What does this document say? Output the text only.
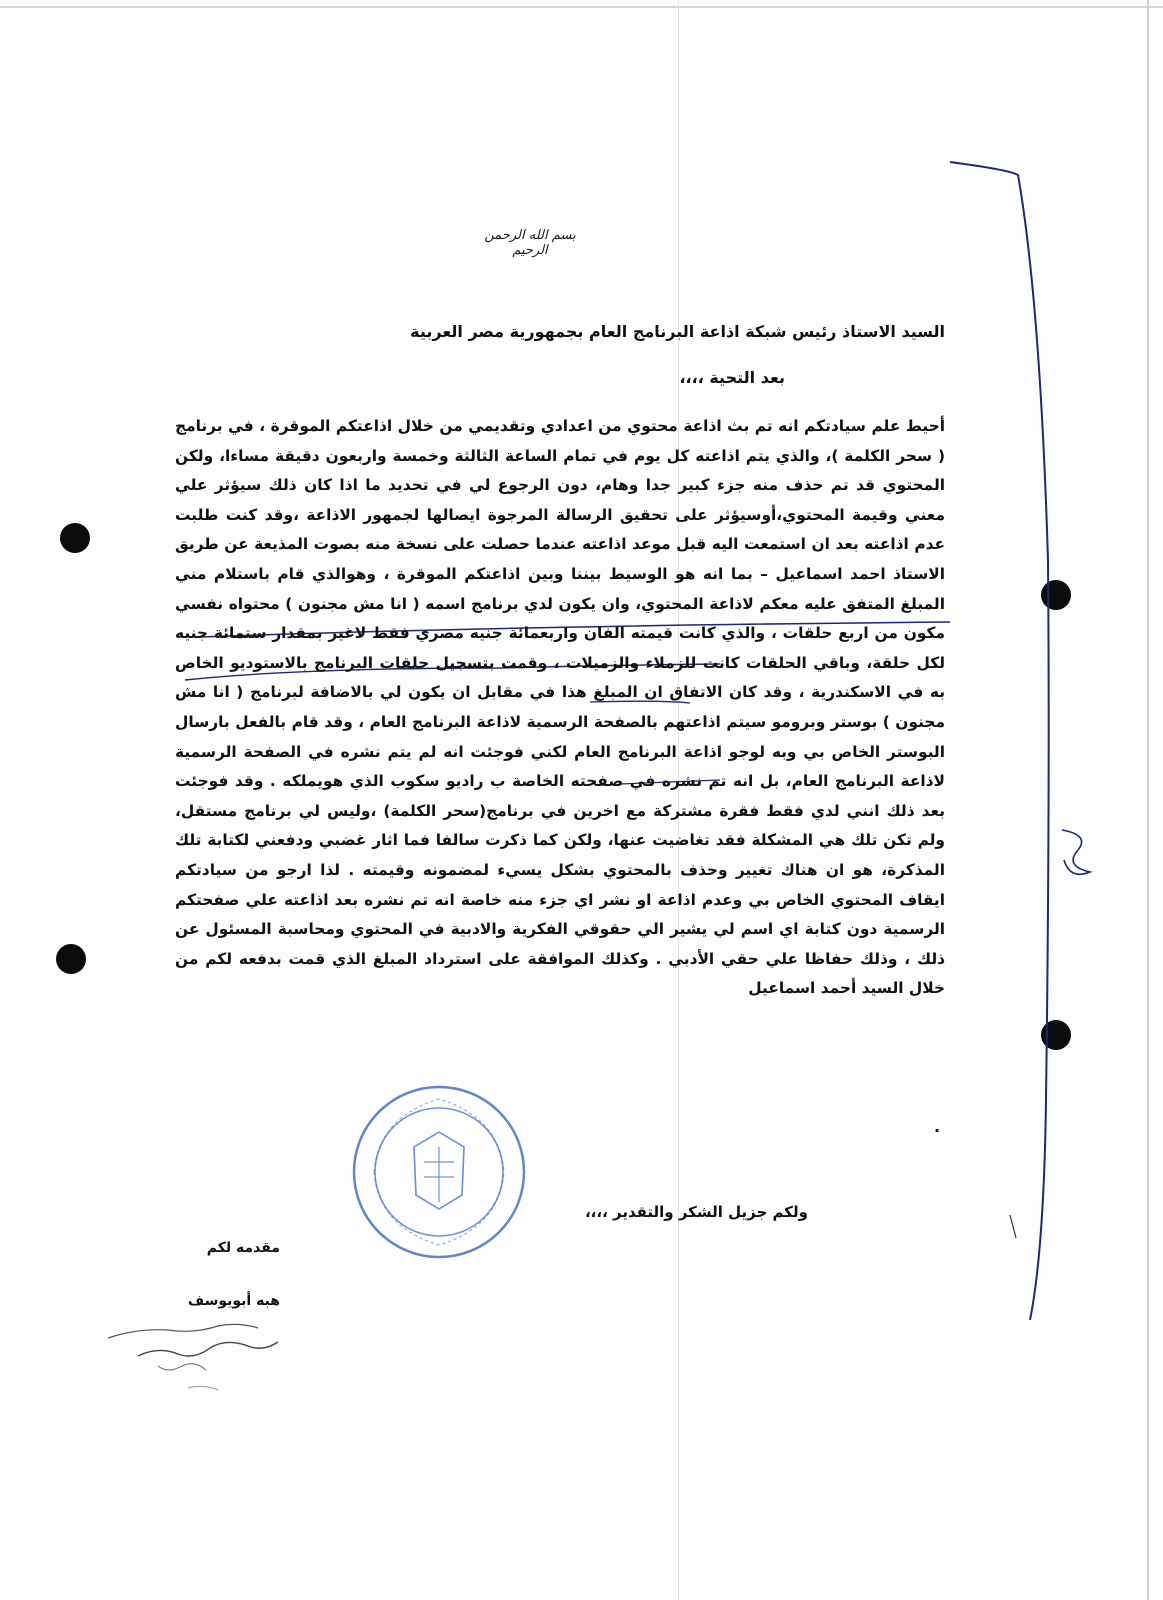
بسم الله الرحمن الرحيم
السيد الاستاذ رئيس شبكة اذاعة البرنامج العام بجمهورية مصر العربية
بعد التحية ،،،،

أحيط علم سيادتكم انه تم بث اذاعة محتوي من اعدادي وتقديمي من خلال اذاعتكم الموقرة ، في برنامج ( سحر الكلمة )، والذي يتم اذاعته كل يوم في تمام الساعة الثالثة وخمسة واربعون دقيقة مساءا، ولكن المحتوي قد تم حذف منه جزء كبير جدا وهام، دون الرجوع لي في تحديد ما اذا كان ذلك سيؤثر علي معني وقيمة المحتوي،أوسيؤثر على تحقيق الرسالة المرجوة ايصالها لجمهور الاذاعة ،وقد كنت طلبت عدم اذاعته بعد ان استمعت اليه قبل موعد اذاعته عندما حصلت على نسخة منه بصوت المذيعة عن طريق الاستاذ احمد اسماعيل – بما انه هو الوسيط بيننا وبين اذاعتكم الموقرة ، وهوالذي قام باستلام مني المبلغ المتفق عليه معكم لاذاعة المحتوي، وان يكون لدي برنامج اسمه ( انا مش مجنون ) محتواه نفسي مكون من اربع حلقات ، والذي كانت قيمته الفان واربعمائة جنيه مصري فقط لاغير بمقدار ستمائة جنيه لكل حلقة، وباقي الحلقات كانت للزملاء والزميلات ، وقمت بتسجيل حلقات البرنامج بالاستوديو الخاص به في الاسكندرية ، وقد كان الاتفاق ان المبلغ هذا في مقابل ان يكون لي بالاضافة لبرنامج ( انا مش مجنون ) بوستر وبرومو سيتم اذاعتهم بالصفحة الرسمية لاذاعة البرنامج العام ، وقد قام بالفعل بارسال البوستر الخاص بي وبه لوجو اذاعة البرنامج العام لكني فوجئت انه لم يتم نشره في الصفحة الرسمية لاذاعة البرنامج العام، بل انه تم نشره في صفحته الخاصة ب راديو سكوب الذي هويملكه . وقد فوجئت بعد ذلك انني لدي فقط فقرة مشتركة مع اخرين في برنامج(سحر الكلمة) ،وليس لي برنامج مستقل، ولم تكن تلك هي المشكلة فقد تغاضيت عنها، ولكن كما ذكرت سالفا فما اثار غضبي ودفعني لكتابة تلك المذكرة، هو ان هناك تغيير وحذف بالمحتوي بشكل يسيء لمضمونه وقيمته . لذا ارجو من سيادتكم ايقاف المحتوي الخاص بي وعدم اذاعة او نشر اي جزء منه خاصة انه تم نشره بعد اذاعته علي صفحتكم الرسمية دون كتابة اي اسم لي يشير الي حقوقي الفكرية والادبية في المحتوي ومحاسبة المسئول عن ذلك ، وذلك حفاظا علي حقي الأدبي . وكذلك الموافقة على استرداد المبلغ الذي قمت بدفعه لكم من خلال السيد أحمد اسماعيل

.
ولكم جزيل الشكر والتقدير ،،،،
مقدمه لكم
هبه أبويوسف
